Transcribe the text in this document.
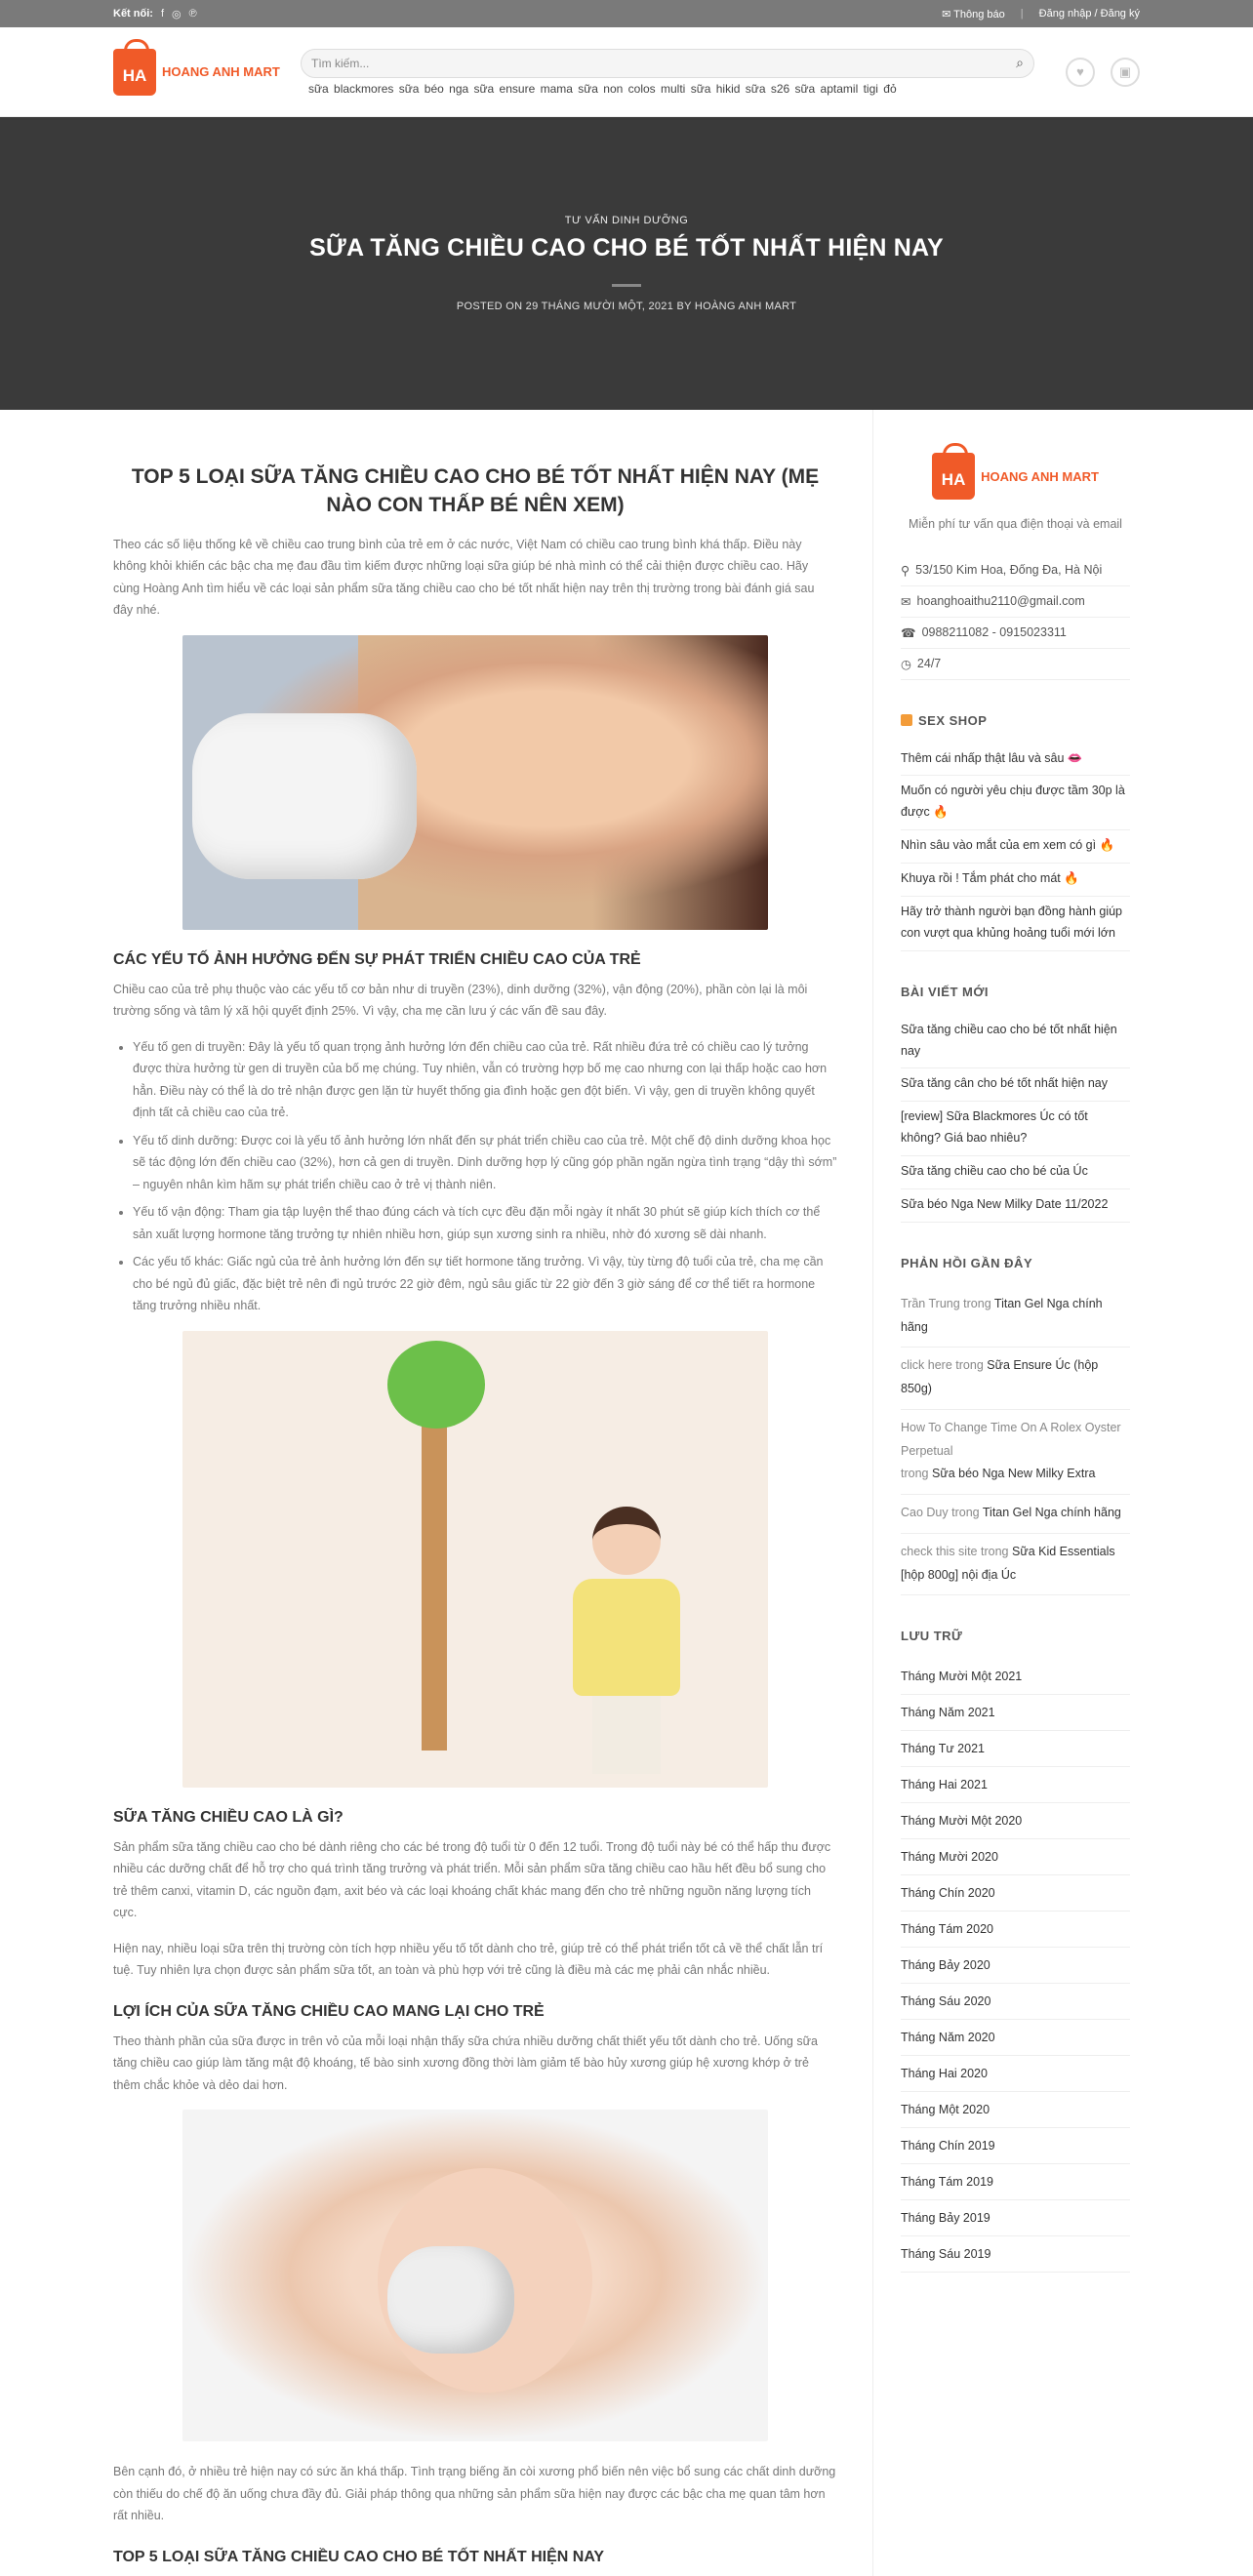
Kết nối: f ◎ ℗	✉ Thông báo | Đăng nhập / Đăng ký
HA	HOANG ANH MART
Tìm kiếm...	⌕
sữa blackmores sữa béo nga sữa ensure mama sữa non colos multi sữa hikid sữa s26 sữa aptamil tigi đỏ
♥	▣
TƯ VẤN DINH DƯỠNG
SỮA TĂNG CHIỀU CAO CHO BÉ TỐT NHẤT HIỆN NAY
POSTED ON 29 THÁNG MƯỜI MỘT, 2021 BY HOÀNG ANH MART
TOP 5 LOẠI SỮA TĂNG CHIỀU CAO CHO BÉ TỐT NHẤT HIỆN NAY (MẸ NÀO CON THẤP BÉ NÊN XEM)

Theo các số liệu thống kê về chiều cao trung bình của trẻ em ở các nước, Việt Nam có chiều cao trung bình khá thấp. Điều này không khỏi khiến các bậc cha mẹ đau đầu tìm kiếm được những loại sữa giúp bé nhà mình có thể cải thiện được chiều cao. Hãy cùng Hoàng Anh tìm hiểu về các loại sản phẩm sữa tăng chiều cao cho bé tốt nhất hiện nay trên thị trường trong bài đánh giá sau đây nhé.

CÁC YẾU TỐ ẢNH HƯỞNG ĐẾN SỰ PHÁT TRIỂN CHIỀU CAO CỦA TRẺ

Chiều cao của trẻ phụ thuộc vào các yếu tố cơ bản như di truyền (23%), dinh dưỡng (32%), vận động (20%), phần còn lại là môi trường sống và tâm lý xã hội quyết định 25%. Vì vậy, cha mẹ cần lưu ý các vấn đề sau đây.

• Yếu tố gen di truyền: Đây là yếu tố quan trọng ảnh hưởng lớn đến chiều cao của trẻ. Rất nhiều đứa trẻ có chiều cao lý tưởng được thừa hưởng từ gen di truyền của bố mẹ chúng. Tuy nhiên, vẫn có trường hợp bố mẹ cao nhưng con lại thấp hoặc cao hơn hẳn. Điều này có thể là do trẻ nhận được gen lặn từ huyết thống gia đình hoặc gen đột biến. Vì vậy, gen di truyền không quyết định tất cả chiều cao của trẻ.
• Yếu tố dinh dưỡng: Được coi là yếu tố ảnh hưởng lớn nhất đến sự phát triển chiều cao của trẻ. Một chế độ dinh dưỡng khoa học sẽ tác động lớn đến chiều cao (32%), hơn cả gen di truyền. Dinh dưỡng hợp lý cũng góp phần ngăn ngừa tình trạng “dậy thì sớm” – nguyên nhân kìm hãm sự phát triển chiều cao ở trẻ vị thành niên.
• Yếu tố vận động: Tham gia tập luyện thể thao đúng cách và tích cực đều đặn mỗi ngày ít nhất 30 phút sẽ giúp kích thích cơ thể sản xuất lượng hormone tăng trưởng tự nhiên nhiều hơn, giúp sụn xương sinh ra nhiều, nhờ đó xương sẽ dài nhanh.
• Các yếu tố khác: Giấc ngủ của trẻ ảnh hưởng lớn đến sự tiết hormone tăng trưởng. Vì vậy, tùy từng độ tuổi của trẻ, cha mẹ cần cho bé ngủ đủ giấc, đặc biệt trẻ nên đi ngủ trước 22 giờ đêm, ngủ sâu giấc từ 22 giờ đến 3 giờ sáng để cơ thể tiết ra hormone tăng trưởng nhiều nhất.
SỮA TĂNG CHIỀU CAO LÀ GÌ?

Sản phẩm sữa tăng chiều cao cho bé dành riêng cho các bé trong độ tuổi từ 0 đến 12 tuổi. Trong độ tuổi này bé có thể hấp thu được nhiều các dưỡng chất để hỗ trợ cho quá trình tăng trưởng và phát triển. Mỗi sản phẩm sữa tăng chiều cao hầu hết đều bổ sung cho trẻ thêm canxi, vitamin D, các nguồn đạm, axit béo và các loại khoáng chất khác mang đến cho trẻ những nguồn năng lượng tích cực.

Hiện nay, nhiều loại sữa trên thị trường còn tích hợp nhiều yếu tố tốt dành cho trẻ, giúp trẻ có thể phát triển tốt cả về thể chất lẫn trí tuệ. Tuy nhiên lựa chọn được sản phẩm sữa tốt, an toàn và phù hợp với trẻ cũng là điều mà các mẹ phải cân nhắc nhiều.

LỢI ÍCH CỦA SỮA TĂNG CHIỀU CAO MANG LẠI CHO TRẺ

Theo thành phần của sữa được in trên vỏ của mỗi loại nhận thấy sữa chứa nhiều dưỡng chất thiết yếu tốt dành cho trẻ. Uống sữa tăng chiều cao giúp làm tăng mật độ khoáng, tế bào sinh xương đồng thời làm giảm tế bào hủy xương giúp hệ xương khớp ở trẻ thêm chắc khỏe và dẻo dai hơn.

Bên cạnh đó, ở nhiều trẻ hiện nay có sức ăn khá thấp. Tình trạng biếng ăn còi xương phổ biến nên việc bổ sung các chất dinh dưỡng còn thiếu do chế độ ăn uống chưa đầy đủ. Giải pháp thông qua những sản phẩm sữa hiện nay được các bậc cha mẹ quan tâm hơn rất nhiều.

TOP 5 LOẠI SỮA TĂNG CHIỀU CAO CHO BÉ TỐT NHẤT HIỆN NAY
HA	HOANG ANH MART
Miễn phí tư vấn qua điện thoại và email
⚲ 53/150 Kim Hoa, Đống Đa, Hà Nội
✉ hoanghoaithu2110@gmail.com
☎ 0988211082 - 0915023311
◷ 24/7
SEX SHOP
Thêm cái nhấp thật lâu và sâu 👄
Muốn có người yêu chịu được tầm 30p là được 🔥
Nhìn sâu vào mắt của em xem có gì 🔥
Khuya rồi ! Tắm phát cho mát 🔥
Hãy trở thành người bạn đồng hành giúp con vượt qua khủng hoảng tuổi mới lớn
BÀI VIẾT MỚI
Sữa tăng chiều cao cho bé tốt nhất hiện nay
Sữa tăng cân cho bé tốt nhất hiện nay
[review] Sữa Blackmores Úc có tốt không? Giá bao nhiêu?
Sữa tăng chiều cao cho bé của Úc
Sữa béo Nga New Milky Date 11/2022
PHẢN HỒI GẦN ĐÂY
Trần Trung trong Titan Gel Nga chính hãng
click here trong Sữa Ensure Úc (hộp 850g)
How To Change Time On A Rolex Oyster Perpetual
trong Sữa béo Nga New Milky Extra
Cao Duy trong Titan Gel Nga chính hãng
check this site trong Sữa Kid Essentials [hộp 800g] nội địa Úc
LƯU TRỮ
Tháng Mười Một 2021
Tháng Năm 2021
Tháng Tư 2021
Tháng Hai 2021
Tháng Mười Một 2020
Tháng Mười 2020
Tháng Chín 2020
Tháng Tám 2020
Tháng Bảy 2020
Tháng Sáu 2020
Tháng Năm 2020
Tháng Hai 2020
Tháng Một 2020
Tháng Chín 2019
Tháng Tám 2019
Tháng Bảy 2019
Tháng Sáu 2019
